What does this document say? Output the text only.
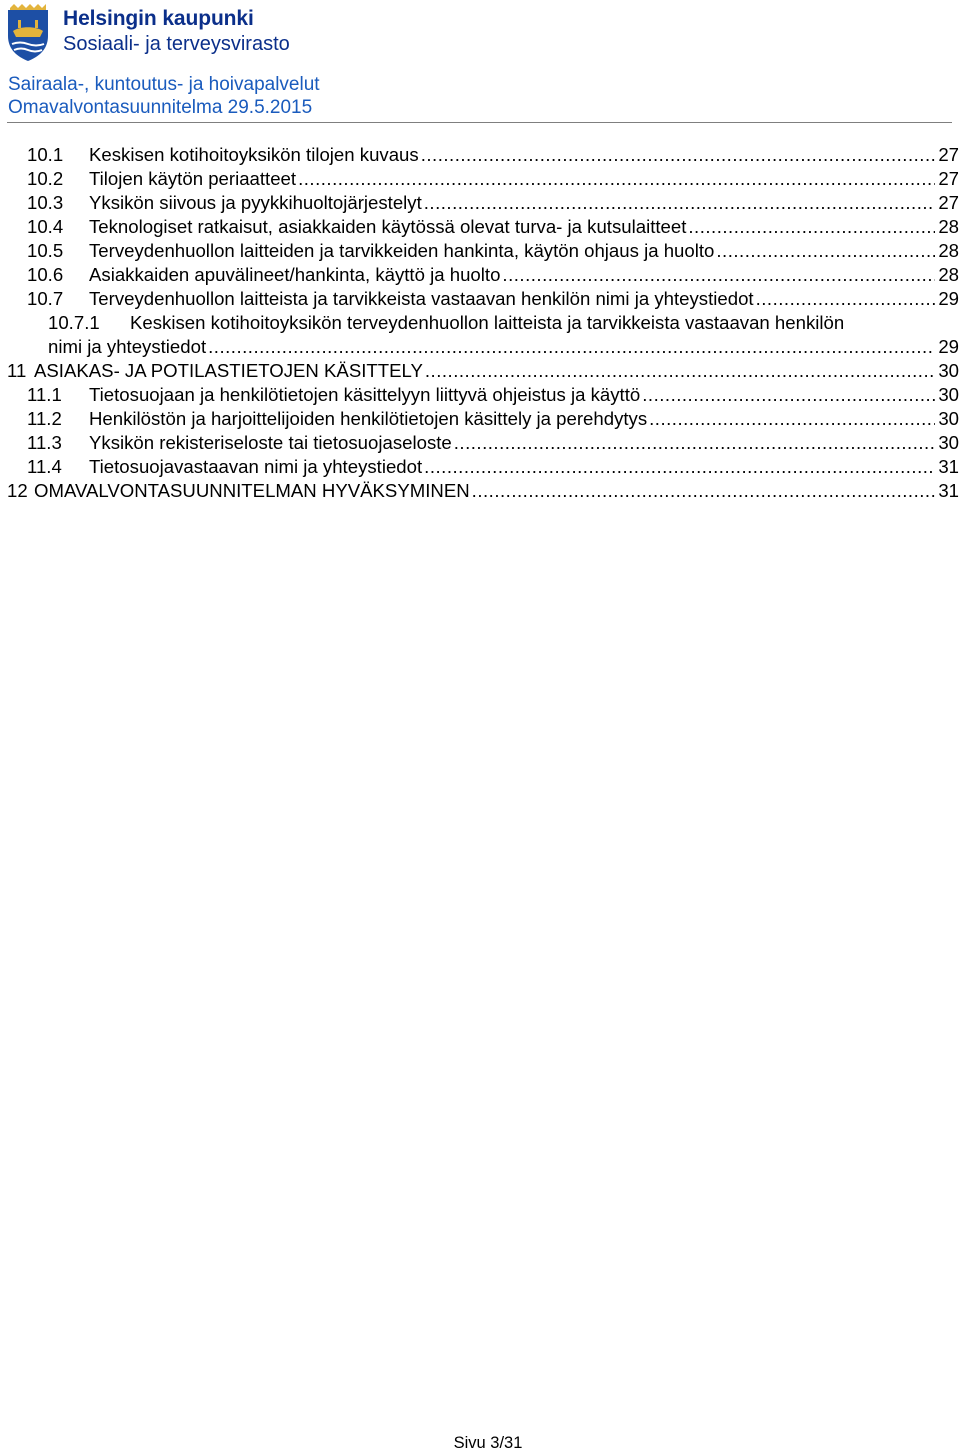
Helsingin kaupunki
Sosiaali- ja terveysvirasto
Sairaala-, kuntoutus- ja hoivapalvelut
Omavalvontasuunnitelma 29.5.2015
10.1	Keskisen kotihoitoyksikön tilojen kuvaus .....	27
10.2	Tilojen käytön periaatteet .....	27
10.3	Yksikön siivous ja pyykkihuoltojärjestelyt .....	27
10.4	Teknologiset ratkaisut, asiakkaiden käytössä olevat turva- ja kutsulaitteet .....	28
10.5	Terveydenhuollon laitteiden ja tarvikkeiden hankinta, käytön ohjaus ja huolto .....	28
10.6	Asiakkaiden apuvälineet/hankinta, käyttö ja huolto .....	28
10.7	Terveydenhuollon laitteista ja tarvikkeista vastaavan henkilön nimi ja yhteystiedot .....	29
10.7.1 Keskisen kotihoitoyksikön terveydenhuollon laitteista ja tarvikkeista vastaavan henkilön
nimi ja yhteystiedot .....	29
11 ASIAKAS- JA POTILASTIETOJEN KÄSITTELY .....	30
11.1	Tietosuojaan ja henkilötietojen käsittelyyn liittyvä ohjeistus ja käyttö .....	30
11.2	Henkilöstön ja harjoittelijoiden henkilötietojen käsittely ja perehdytys .....	30
11.3	Yksikön rekisteriseloste tai tietosuojaseloste .....	30
11.4	Tietosuojavastaavan nimi ja yhteystiedot .....	31
12 OMAVALVONTASUUNNITELMAN HYVÄKSYMINEN .....	31
Sivu 3/31
